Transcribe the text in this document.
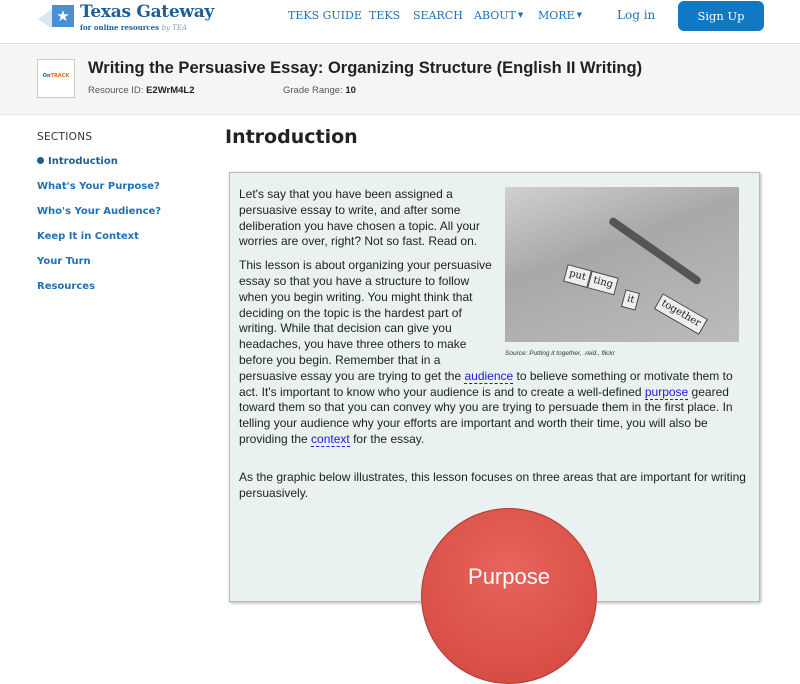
★ Texas Gateway
for online resources by TEA
TEKS GUIDE TEKS SEARCH ABOUT ▼ MORE ▼	Log in	Sign Up
OnTRACK	Writing the Persuasive Essay: Organizing Structure (English II Writing)
Resource ID: E2WrM4L2	Grade Range: 10
SECTIONS
Introduction
What's Your Purpose?
Who's Your Audience?
Keep It in Context
Your Turn
Resources
Introduction
put ting
it	together
Source: Putting it together, .reid., flickr

Let's say that you have been assigned a persuasive essay to write, and after some deliberation you have chosen a topic. All your worries are over, right? Not so fast. Read on.

This lesson is about organizing your persuasive essay so that you have a structure to follow when you begin writing. You might think that deciding on the topic is the hardest part of writing. While that decision can give you headaches, you have three others to make before you begin. Remember that in a persuasive essay you are trying to get the audience to believe something or motivate them to act. It's important to know who your audience is and to create a well-defined purpose geared toward them so that you can convey why you are trying to persuade them in the first place. In telling your audience why your efforts are important and worth their time, you will also be providing the context for the essay.

As the graphic below illustrates, this lesson focuses on three areas that are important for writing persuasively.

Purpose
